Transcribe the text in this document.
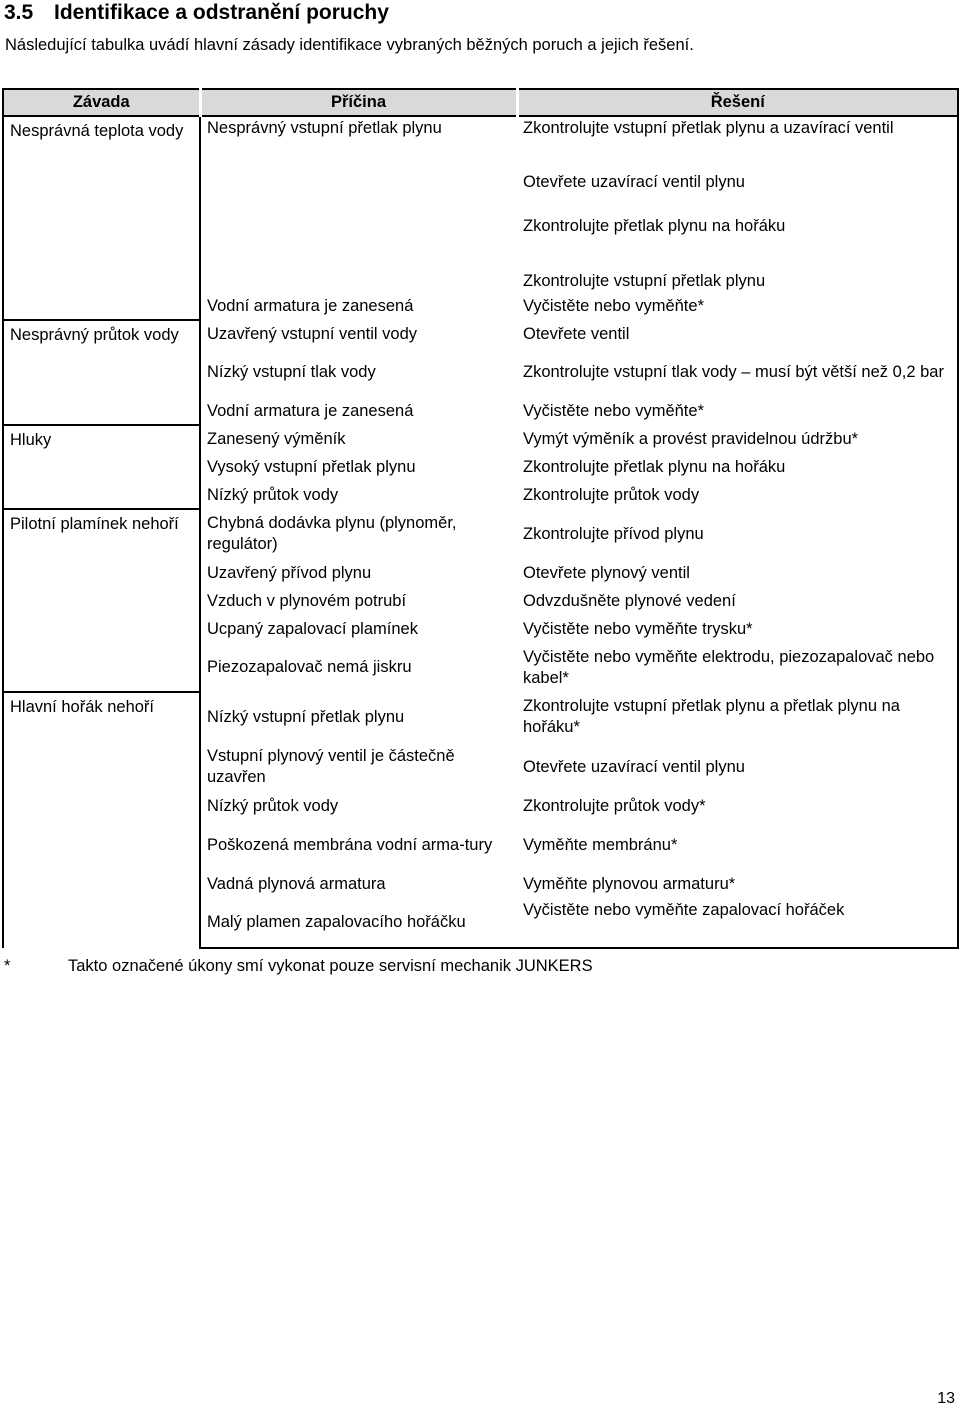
3.5 Identifikace a odstranění poruchy
Následující tabulka uvádí hlavní zásady identifikace vybraných běžných poruch a jejich řešení.
Závada	Příčina	Řešení
Nesprávná teplota vody	Nesprávný vstupní přetlak plynu	Zkontrolujte vstupní přetlak plynu a uzavírací ventil
		Otevřete uzavírací ventil plynu
		Zkontrolujte přetlak plynu na hořáku
		Zkontrolujte vstupní přetlak plynu
	Vodní armatura je zanesená	Vyčistěte nebo vyměňte*
Nesprávný průtok vody	Uzavřený vstupní ventil vody	Otevřete ventil
	Nízký vstupní tlak vody	Zkontrolujte vstupní tlak vody – musí být větší než 0,2 bar
	Vodní armatura je zanesená	Vyčistěte nebo vyměňte*
Hluky	Zanesený výměník	Vymýt výměník a provést pravidelnou údržbu*
	Vysoký vstupní přetlak plynu	Zkontrolujte přetlak plynu na hořáku
	Nízký průtok vody	Zkontrolujte průtok vody
Pilotní plamínek nehoří	Chybná dodávka plynu (plynoměr, regulátor)	Zkontrolujte přívod plynu
	Uzavřený přívod plynu	Otevřete plynový ventil
	Vzduch v plynovém potrubí	Odvzdušněte plynové vedení
	Ucpaný zapalovací plamínek	Vyčistěte nebo vyměňte trysku*
	Piezozapalovač nemá jiskru	Vyčistěte nebo vyměňte elektrodu, piezozapalovač nebo kabel*
Hlavní hořák nehoří	Nízký vstupní přetlak plynu	Zkontrolujte vstupní přetlak plynu a přetlak plynu na hořáku*
	Vstupní plynový ventil je částečně uzavřen	Otevřete uzavírací ventil plynu
	Nízký průtok vody	Zkontrolujte průtok vody*
	Poškozená membrána vodní arma-tury	Vyměňte membránu*
	Vadná plynová armatura	Vyměňte plynovou armaturu*
	Malý plamen zapalovacího hořáčku	Vyčistěte nebo vyměňte zapalovací hořáček
*	Takto označené úkony smí vykonat pouze servisní mechanik JUNKERS
13
